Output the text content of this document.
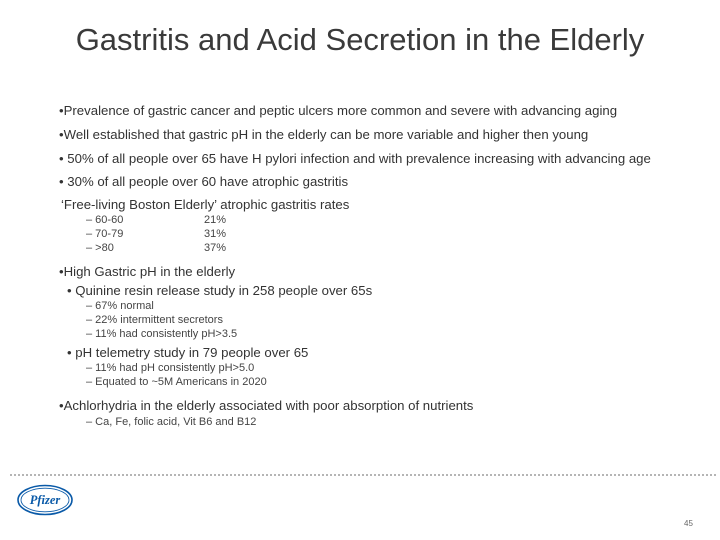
Gastritis and Acid Secretion in the Elderly
•Prevalence of gastric cancer and peptic ulcers more common and severe with advancing aging
•Well established that gastric pH in the elderly can be more variable and higher then young
• 50% of all people over 65 have H pylori infection and with prevalence increasing with advancing age
• 30% of all people over 60 have atrophic gastritis
‘Free-living Boston Elderly’ atrophic gastritis rates
– 60-60	21%
– 70-79	31%
– >80	37%
•High Gastric pH in the elderly
• Quinine resin release study in 258 people over 65s
– 67% normal
– 22% intermittent secretors
– 11% had consistently pH>3.5
• pH telemetry study in 79 people over 65
– 11% had pH consistently pH>5.0
– Equated to ~5M Americans in 2020
•Achlorhydria in the elderly associated with poor absorption of nutrients
– Ca, Fe, folic acid, Vit B6 and B12
Pfizer
45
